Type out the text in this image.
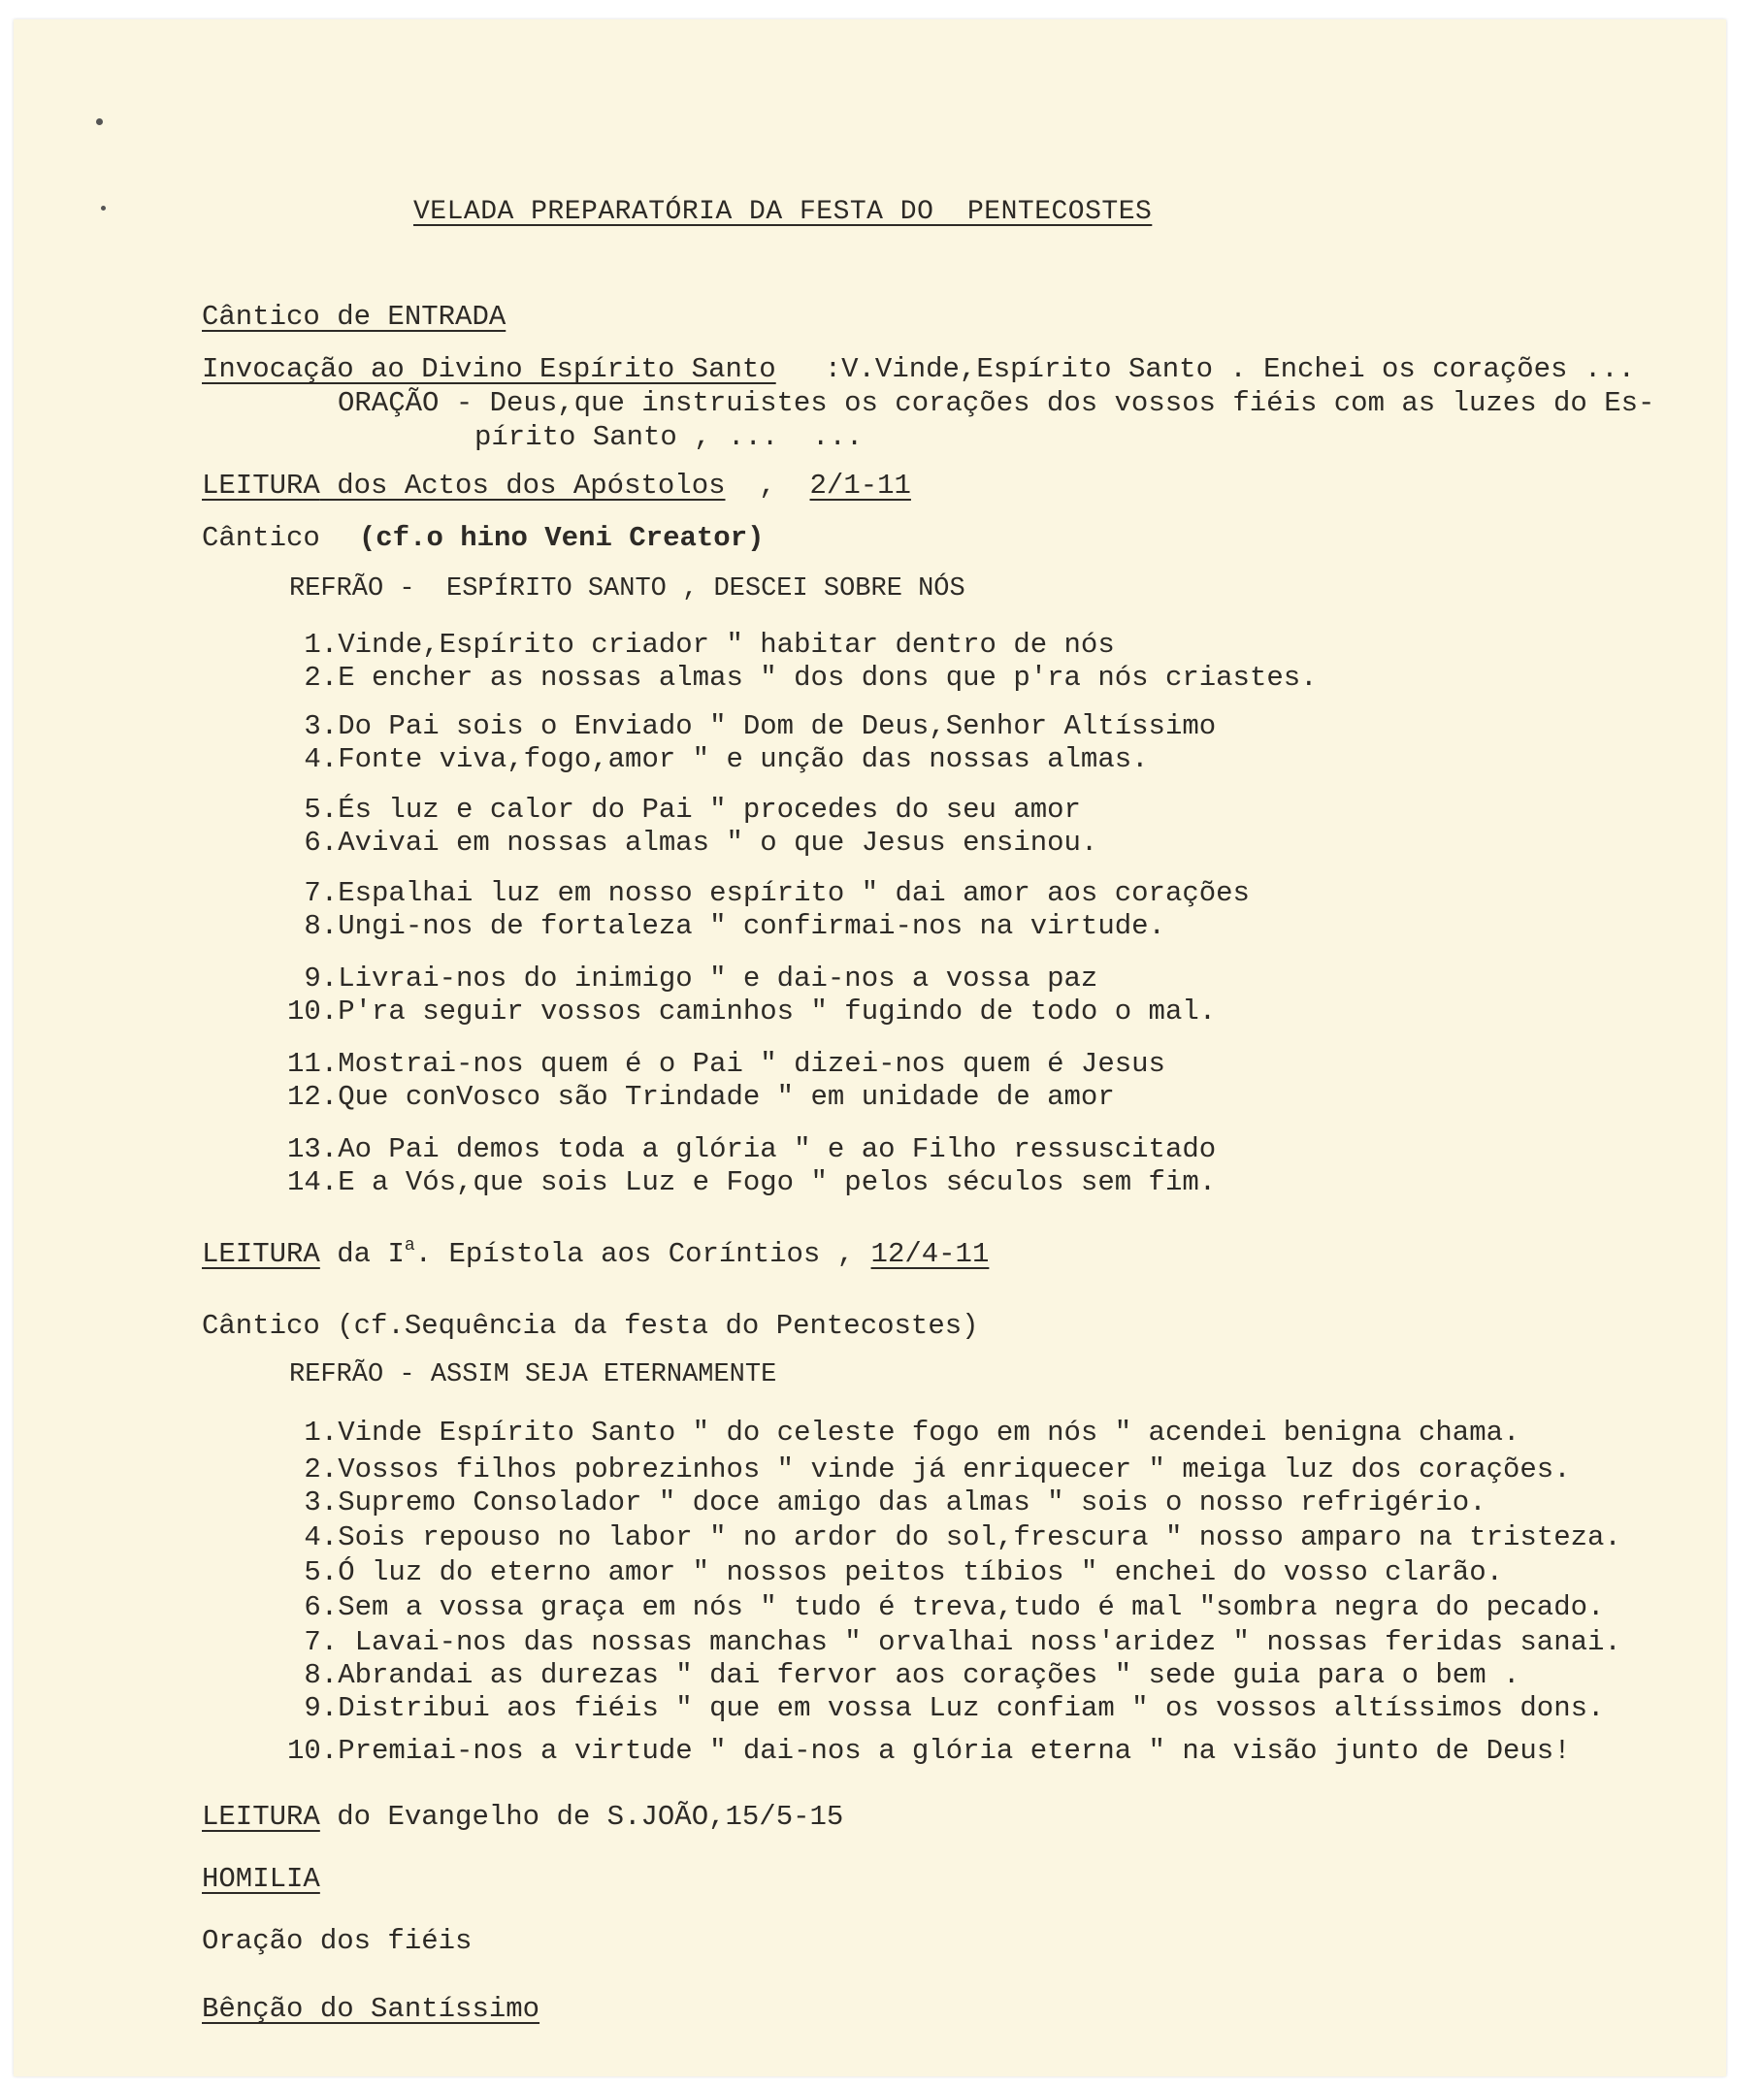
VELADA PREPARATÓRIA DA FESTA DO  PENTECOSTES

Cântico de ENTRADA

Invocação ao Divino Espírito Santo :V.Vinde,Espírito Santo . Enchei os corações ...

ORAÇÃO - Deus,que instruistes os corações dos vossos fiéis com as luzes do Es-

pírito Santo , ...  ...

LEITURA dos Actos dos Apóstolos  ,  2/1-11

Cântico (cf.o hino Veni Creator)

REFRÃO -  ESPÍRITO SANTO , DESCEI SOBRE NÓS

1.Vinde,Espírito criador " habitar dentro de nós

2.E encher as nossas almas " dos dons que p'ra nós criastes.

3.Do Pai sois o Enviado " Dom de Deus,Senhor Altíssimo

4.Fonte viva,fogo,amor " e unção das nossas almas.

5.És luz e calor do Pai " procedes do seu amor

6.Avivai em nossas almas " o que Jesus ensinou.

7.Espalhai luz em nosso espírito " dai amor aos corações

8.Ungi-nos de fortaleza " confirmai-nos na virtude.

9.Livrai-nos do inimigo " e dai-nos a vossa paz

10.P'ra seguir vossos caminhos " fugindo de todo o mal.

11.Mostrai-nos quem é o Pai " dizei-nos quem é Jesus

12.Que conVosco são Trindade " em unidade de amor

13.Ao Pai demos toda a glória " e ao Filho ressuscitado

14.E a Vós,que sois Luz e Fogo " pelos séculos sem fim.

LEITURA da $I^a$. Epístola aos Coríntios , 12/4-11

Cântico (cf.Sequência da festa do Pentecostes)

REFRÃO - ASSIM SEJA ETERNAMENTE

1.Vinde Espírito Santo " do celeste fogo em nós " acendei benigna chama.

2.Vossos filhos pobrezinhos " vinde já enriquecer " meiga luz dos corações.

3.Supremo Consolador " doce amigo das almas " sois o nosso refrigério.

4.Sois repouso no labor " no ardor do sol,frescura " nosso amparo na tristeza.

5.Ó luz do eterno amor " nossos peitos tíbios " enchei do vosso clarão.

6.Sem a vossa graça em nós " tudo é treva,tudo é mal "sombra negra do pecado.

7. Lavai-nos das nossas manchas " orvalhai noss'aridez " nossas feridas sanai.

8.Abrandai as durezas " dai fervor aos corações " sede guia para o bem .

9.Distribui aos fiéis " que em vossa Luz confiam " os vossos altíssimos dons.

10.Premiai-nos a virtude " dai-nos a glória eterna " na visão junto de Deus!

LEITURA do Evangelho de S.JOÃO,15/5-15

HOMILIA

Oração dos fiéis

Bênção do Santíssimo
